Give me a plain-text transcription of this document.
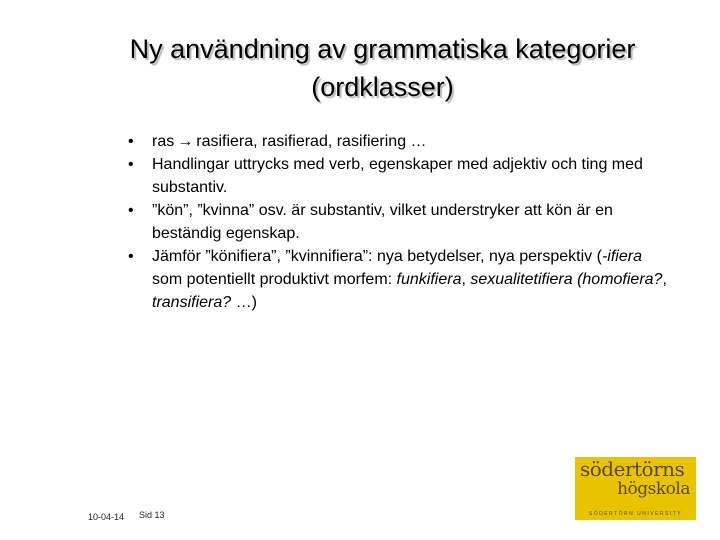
Ny användning av grammatiska kategorier
(ordklasser)
• ras → rasifiera, rasifierad, rasifiering …
• Handlingar uttrycks med verb, egenskaper med adjektiv och ting med substantiv.
• ”kön”, ”kvinna” osv. är substantiv, vilket understryker att kön är en beständig egenskap.
• Jämför ”könifiera”, ”kvinnifiera”: nya betydelser, nya perspektiv (-ifiera som potentiellt produktivt morfem: funkifiera, sexualitetifiera (homofiera?, transifiera? …)
10-04-14 Sid 13
södertörns
högskola
SÖDERTÖRN UNIVERSITY
